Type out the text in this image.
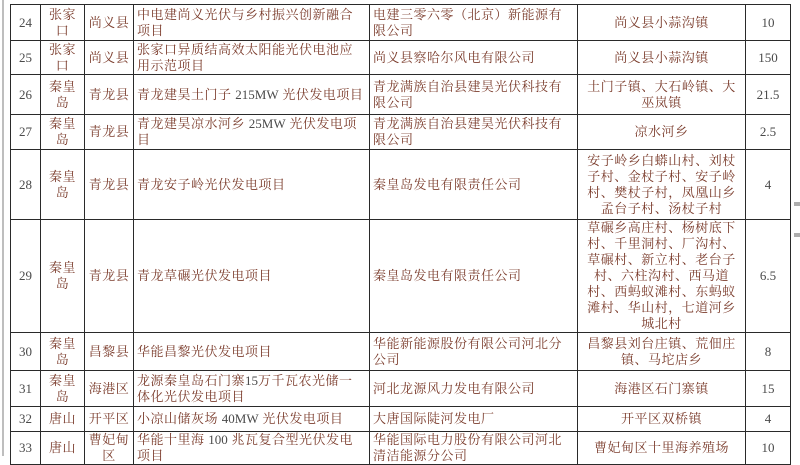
24	张家口	尚义县	中电建尚义光伏与乡村振兴创新融合项目	电建三零六零（北京）新能源有限公司	尚义县小蒜沟镇	10
25	张家口	尚义县	张家口异质结高效太阳能光伏电池应用示范项目	尚义县察哈尔风电有限公司	尚义县小蒜沟镇	150
26	秦皇岛	青龙县	青龙建昊土门子 215MW 光伏发电项目	青龙满族自治县建昊光伏科技有限公司	土门子镇、大石岭镇、大巫岚镇	21.5
27	秦皇岛	青龙县	青龙建昊凉水河乡 25MW 光伏发电项目	青龙满族自治县建昊光伏科技有限公司	凉水河乡	2.5
28	秦皇岛	青龙县	青龙安子岭光伏发电项目	秦皇岛发电有限责任公司	安子岭乡白蟒山村、刘杖子村、金杖子村、安子岭村、樊杖子村，凤凰山乡孟台子村、汤杖子村	4
29	秦皇岛	青龙县	青龙草碾光伏发电项目	秦皇岛发电有限责任公司	草碾乡高庄村、杨树底下村、千里洞村、厂沟村、草碾村、新立村、老台子村、六柱沟村、西马道村、西蚂蚁滩村、东蚂蚁滩村、华山村，七道河乡城北村	6.5
30	秦皇岛	昌黎县	华能昌黎光伏发电项目	华能新能源股份有限公司河北分公司	昌黎县刘台庄镇、荒佃庄镇、马坨店乡	8
31	秦皇岛	海港区	龙源秦皇岛石门寨15万千瓦农光储一体化光伏发电项目	河北龙源风力发电有限公司	海港区石门寨镇	15
32	唐山	开平区	小凉山储灰场 40MW 光伏发电项目	大唐国际陡河发电厂	开平区双桥镇	4
33	唐山	曹妃甸区	华能十里海 100 兆瓦复合型光伏发电项目	华能国际电力股份有限公司河北清洁能源分公司	曹妃甸区十里海养殖场	10
